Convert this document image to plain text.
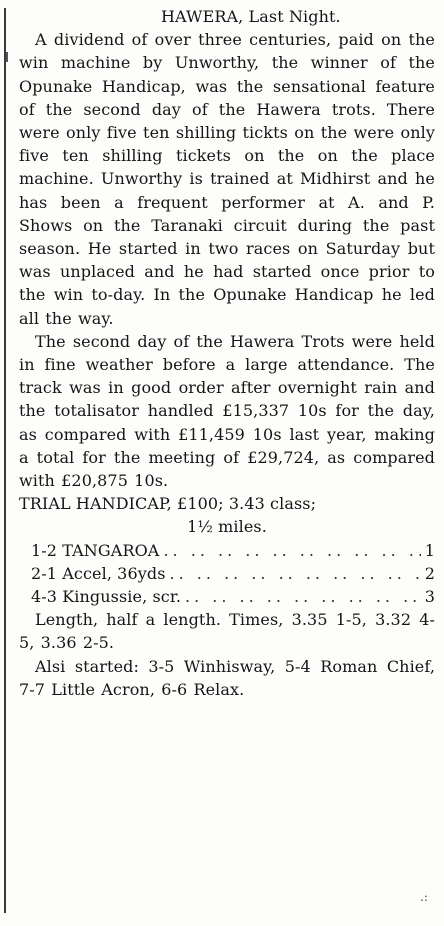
HAWERA, Last Night.

A dividend of over three centuries, paid on the win machine by Unworthy, the winner of the Opunake Handicap, was the sensational feature of the second day of the Hawera trots. There were only five ten shilling tickts on the were only five ten shilling tickets on the on the place machine. Unworthy is trained at Midhirst and he has been a frequent performer at A. and P. Shows on the Taranaki circuit during the past season. He started in two races on Saturday but was unplaced and he had started once prior to the win to-day. In the Opunake Handicap he led all the way.

The second day of the Hawera Trots were held in fine weather before a large attendance. The track was in good order after overnight rain and the totalisator handled £15,337 10s for the day, as compared with £11,459 10s last year, making a total for the meeting of £29,724, as compared with £20,875 10s.

TRIAL HANDICAP, £100; 3.43 class;

1½ miles.

1-2 TANGAROA .. ..	1
2-1 Accel, 36yds .. ..	2
4-3 Kingussie, scr. .. ..	3

Length, half a length. Times, 3.35 1-5, 3.32 4-5, 3.36 2-5.

Alsi started: 3-5 Winhisway, 5-4 Roman Chief, 7-7 Little Acron, 6-6 Relax.

.:
